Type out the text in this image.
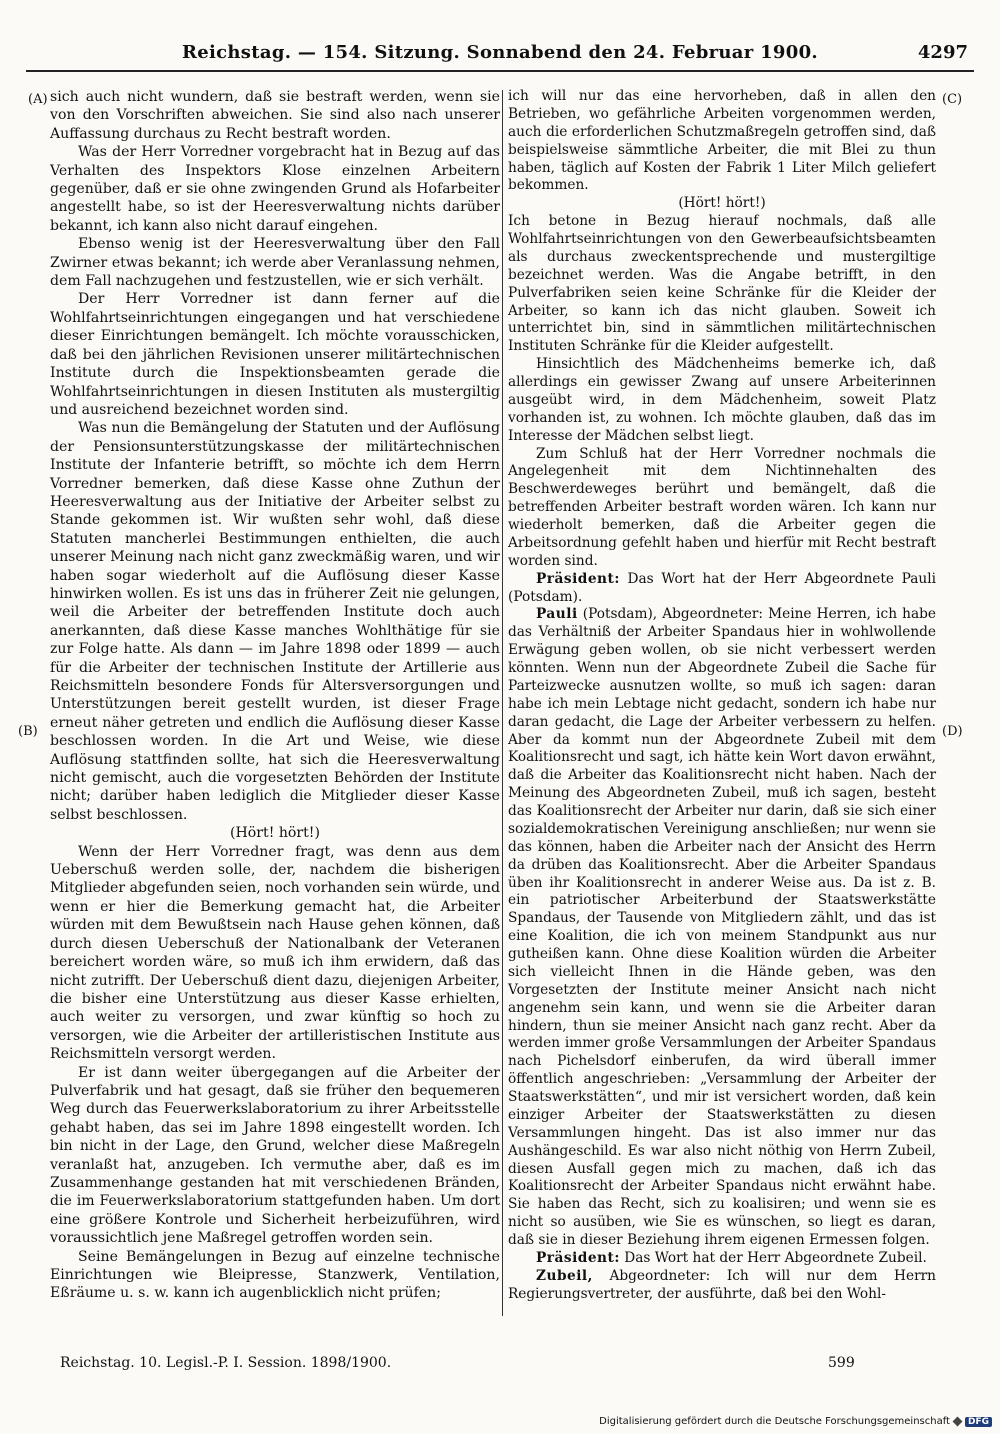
Reichstag. — 154. Sitzung. Sonnabend den 24. Februar 1900.	4297
(A)
(B)
(C)
(D)

sich auch nicht wundern, daß sie bestraft werden, wenn sie von den Vorschriften abweichen. Sie sind also nach unserer Auffassung durchaus zu Recht bestraft worden.

Was der Herr Vorredner vorgebracht hat in Bezug auf das Verhalten des Inspektors Klose einzelnen Arbeitern gegenüber, daß er sie ohne zwingenden Grund als Hofarbeiter angestellt habe, so ist der Heeresverwaltung nichts darüber bekannt, ich kann also nicht darauf eingehen.

Ebenso wenig ist der Heeresverwaltung über den Fall Zwirner etwas bekannt; ich werde aber Veranlassung nehmen, dem Fall nachzugehen und festzustellen, wie er sich verhält.

Der Herr Vorredner ist dann ferner auf die Wohlfahrtseinrichtungen eingegangen und hat verschiedene dieser Einrichtungen bemängelt. Ich möchte vorausschicken, daß bei den jährlichen Revisionen unserer militärtechnischen Institute durch die Inspektionsbeamten gerade die Wohlfahrtseinrichtungen in diesen Instituten als mustergiltig und ausreichend bezeichnet worden sind.

Was nun die Bemängelung der Statuten und der Auflösung der Pensionsunterstützungskasse der militärtechnischen Institute der Infanterie betrifft, so möchte ich dem Herrn Vorredner bemerken, daß diese Kasse ohne Zuthun der Heeresverwaltung aus der Initiative der Arbeiter selbst zu Stande gekommen ist. Wir wußten sehr wohl, daß diese Statuten mancherlei Bestimmungen enthielten, die auch unserer Meinung nach nicht ganz zweckmäßig waren, und wir haben sogar wiederholt auf die Auflösung dieser Kasse hinwirken wollen. Es ist uns das in früherer Zeit nie gelungen, weil die Arbeiter der betreffenden Institute doch auch anerkannten, daß diese Kasse manches Wohlthätige für sie zur Folge hatte. Als dann — im Jahre 1898 oder 1899 — auch für die Arbeiter der technischen Institute der Artillerie aus Reichsmitteln besondere Fonds für Altersversorgungen und Unterstützungen bereit gestellt wurden, ist dieser Frage erneut näher getreten und endlich die Auflösung dieser Kasse beschlossen worden. In die Art und Weise, wie diese Auflösung stattfinden sollte, hat sich die Heeresverwaltung nicht gemischt, auch die vorgesetzten Behörden der Institute nicht; darüber haben lediglich die Mitglieder dieser Kasse selbst beschlossen.

(Hört! hört!)

Wenn der Herr Vorredner fragt, was denn aus dem Ueberschuß werden solle, der, nachdem die bisherigen Mitglieder abgefunden seien, noch vorhanden sein würde, und wenn er hier die Bemerkung gemacht hat, die Arbeiter würden mit dem Bewußtsein nach Hause gehen können, daß durch diesen Ueberschuß der Nationalbank der Veteranen bereichert worden wäre, so muß ich ihm erwidern, daß das nicht zutrifft. Der Ueberschuß dient dazu, diejenigen Arbeiter, die bisher eine Unterstützung aus dieser Kasse erhielten, auch weiter zu versorgen, und zwar künftig so hoch zu versorgen, wie die Arbeiter der artilleristischen Institute aus Reichsmitteln versorgt werden.

Er ist dann weiter übergegangen auf die Arbeiter der Pulverfabrik und hat gesagt, daß sie früher den bequemeren Weg durch das Feuerwerkslaboratorium zu ihrer Arbeitsstelle gehabt haben, das sei im Jahre 1898 eingestellt worden. Ich bin nicht in der Lage, den Grund, welcher diese Maßregeln veranlaßt hat, anzugeben. Ich vermuthe aber, daß es im Zusammenhange gestanden hat mit verschiedenen Bränden, die im Feuerwerkslaboratorium stattgefunden haben. Um dort eine größere Kontrole und Sicherheit herbeizuführen, wird voraussichtlich jene Maßregel getroffen worden sein.

Seine Bemängelungen in Bezug auf einzelne technische Einrichtungen wie Bleipresse, Stanzwerk, Ventilation, Eßräume u. s. w. kann ich augenblicklich nicht prüfen;

ich will nur das eine hervorheben, daß in allen den Betrieben, wo gefährliche Arbeiten vorgenommen werden, auch die erforderlichen Schutzmaßregeln getroffen sind, daß beispielsweise sämmtliche Arbeiter, die mit Blei zu thun haben, täglich auf Kosten der Fabrik 1 Liter Milch geliefert bekommen.

(Hört! hört!)

Ich betone in Bezug hierauf nochmals, daß alle Wohlfahrtseinrichtungen von den Gewerbeaufsichtsbeamten als durchaus zweckentsprechende und mustergiltige bezeichnet werden. Was die Angabe betrifft, in den Pulverfabriken seien keine Schränke für die Kleider der Arbeiter, so kann ich das nicht glauben. Soweit ich unterrichtet bin, sind in sämmtlichen militärtechnischen Instituten Schränke für die Kleider aufgestellt.

Hinsichtlich des Mädchenheims bemerke ich, daß allerdings ein gewisser Zwang auf unsere Arbeiterinnen ausgeübt wird, in dem Mädchenheim, soweit Platz vorhanden ist, zu wohnen. Ich möchte glauben, daß das im Interesse der Mädchen selbst liegt.

Zum Schluß hat der Herr Vorredner nochmals die Angelegenheit mit dem Nichtinnehalten des Beschwerdeweges berührt und bemängelt, daß die betreffenden Arbeiter bestraft worden wären. Ich kann nur wiederholt bemerken, daß die Arbeiter gegen die Arbeitsordnung gefehlt haben und hierfür mit Recht bestraft worden sind.

Präsident: Das Wort hat der Herr Abgeordnete Pauli (Potsdam).

Pauli (Potsdam), Abgeordneter: Meine Herren, ich habe das Verhältniß der Arbeiter Spandaus hier in wohlwollende Erwägung geben wollen, ob sie nicht verbessert werden könnten. Wenn nun der Abgeordnete Zubeil die Sache für Parteizwecke ausnutzen wollte, so muß ich sagen: daran habe ich mein Lebtage nicht gedacht, sondern ich habe nur daran gedacht, die Lage der Arbeiter verbessern zu helfen. Aber da kommt nun der Abgeordnete Zubeil mit dem Koalitionsrecht und sagt, ich hätte kein Wort davon erwähnt, daß die Arbeiter das Koalitionsrecht nicht haben. Nach der Meinung des Abgeordneten Zubeil, muß ich sagen, besteht das Koalitionsrecht der Arbeiter nur darin, daß sie sich einer sozialdemokratischen Vereinigung anschließen; nur wenn sie das können, haben die Arbeiter nach der Ansicht des Herrn da drüben das Koalitionsrecht. Aber die Arbeiter Spandaus üben ihr Koalitionsrecht in anderer Weise aus. Da ist z. B. ein patriotischer Arbeiterbund der Staatswerkstätte Spandaus, der Tausende von Mitgliedern zählt, und das ist eine Koalition, die ich von meinem Standpunkt aus nur gutheißen kann. Ohne diese Koalition würden die Arbeiter sich vielleicht Ihnen in die Hände geben, was den Vorgesetzten der Institute meiner Ansicht nach nicht angenehm sein kann, und wenn sie die Arbeiter daran hindern, thun sie meiner Ansicht nach ganz recht. Aber da werden immer große Versammlungen der Arbeiter Spandaus nach Pichelsdorf einberufen, da wird überall immer öffentlich angeschrieben: „Versammlung der Arbeiter der Staatswerkstätten“, und mir ist versichert worden, daß kein einziger Arbeiter der Staatswerkstätten zu diesen Versammlungen hingeht. Das ist also immer nur das Aushängeschild. Es war also nicht nöthig von Herrn Zubeil, diesen Ausfall gegen mich zu machen, daß ich das Koalitionsrecht der Arbeiter Spandaus nicht erwähnt habe. Sie haben das Recht, sich zu koalisiren; und wenn sie es nicht so ausüben, wie Sie es wünschen, so liegt es daran, daß sie in dieser Beziehung ihrem eigenen Ermessen folgen.

Präsident: Das Wort hat der Herr Abgeordnete Zubeil.

Zubeil, Abgeordneter: Ich will nur dem Herrn Regierungsvertreter, der ausführte, daß bei den Wohl-

Reichstag. 10. Legisl.-P. I. Session. 1898/1900.	599
Digitalisierung gefördert durch die Deutsche Forschungsgemeinschaft	DFG
